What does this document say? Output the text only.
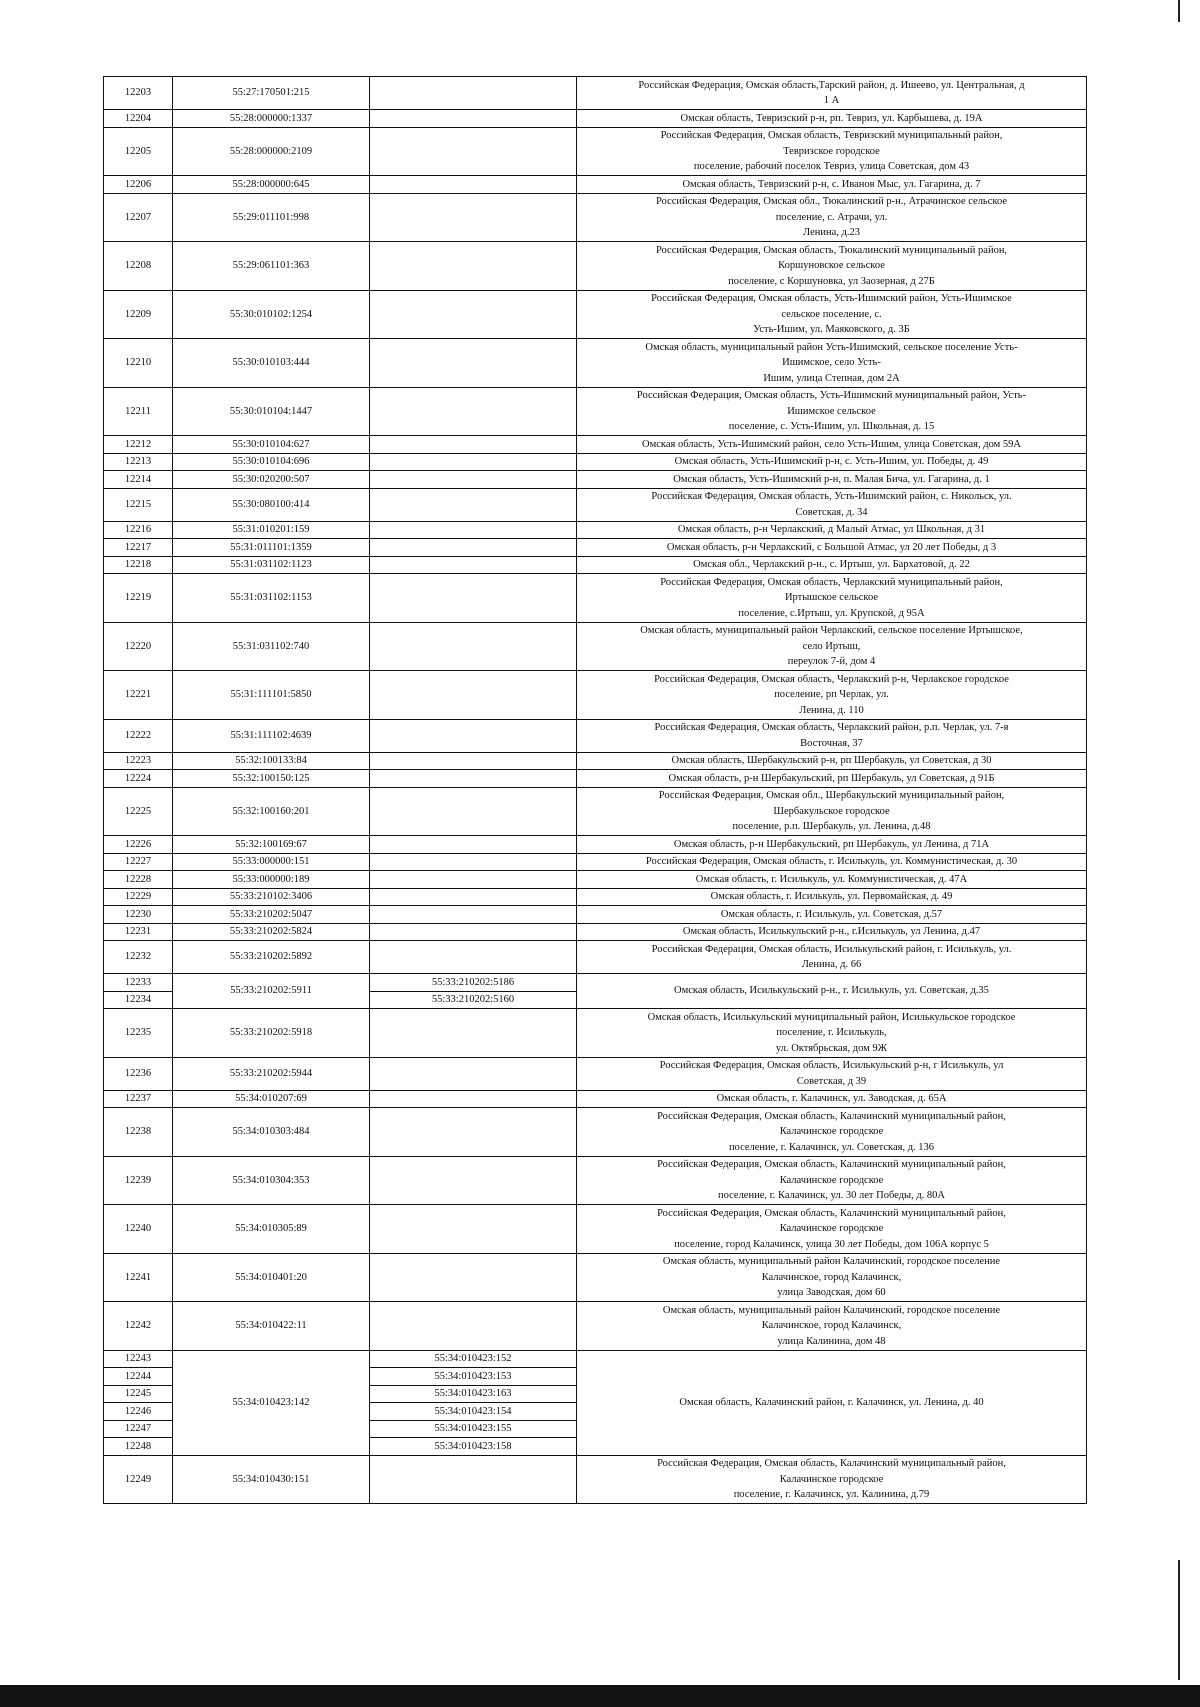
12203	55:27:170501:215		Российская Федерация, Омская область,Тарский район, д. Ишеево, ул. Центральная, д
1 А

12204	55:28:000000:1337		Омская область, Тевризский р-н, рп. Тевриз, ул. Карбышева, д. 19А

12205	55:28:000000:2109		Российская Федерация, Омская область, Тевризский муниципальный район,
Тевризское городское
поселение, рабочий поселок Тевриз, улица Советская, дом 43

12206	55:28:000000:645		Омская область, Тевризский р-н, с. Иванов Мыс, ул. Гагарина, д. 7

12207	55:29:011101:998		Российская Федерация, Омская обл., Тюкалинский р-н., Атрачинское сельское
поселение, с. Атрачи, ул.
Ленина, д.23

12208	55:29:061101:363		Российская Федерация, Омская область, Тюкалинский муниципальный район,
Коршуновское сельское
поселение, с Коршуновка, ул Заозерная, д 27Б

12209	55:30:010102:1254		Российская Федерация, Омская область, Усть-Ишимский район, Усть-Ишимское
сельское поселение, с.
Усть-Ишим, ул. Маяковского, д. 3Б

12210	55:30:010103:444		Омская область, муниципальный район Усть-Ишимский, сельское поселение Усть-
Ишимское, село Усть-
Ишим, улица Степная, дом 2А

12211	55:30:010104:1447		Российская Федерация, Омская область, Усть-Ишимский муниципальный район, Усть-
Ишимское сельское
поселение, с. Усть-Ишим, ул. Школьная, д. 15

12212	55:30:010104:627		Омская область, Усть-Ишимский район, село Усть-Ишим, улица Советская, дом 59А

12213	55:30:010104:696		Омская область, Усть-Ишимский р-н, с. Усть-Ишим, ул. Победы, д. 49

12214	55:30:020200:507		Омская область, Усть-Ишимский р-н, п. Малая Бича, ул. Гагарина, д. 1

12215	55:30:080100:414		Российская Федерация, Омская область, Усть-Ишимский район, с. Никольск, ул.
Советская, д. 34

12216	55:31:010201:159		Омская область, р-н Черлакский, д Малый Атмас, ул Школьная, д 31

12217	55:31:011101:1359		Омская область, р-н Черлакский, с Большой Атмас, ул 20 лет Победы, д 3

12218	55:31:031102:1123		Омская обл., Черлакский р-н., с. Иртыш, ул. Бархатовой, д. 22

12219	55:31:031102:1153		Российская Федерация, Омская область, Черлакский муниципальный район,
Иртышское сельское
поселение, с.Иртыш, ул. Крупской, д 95А

12220	55:31:031102:740		Омская область, муниципальный район Черлакский, сельское поселение Иртышское,
село Иртыш,
переулок 7-й, дом 4

12221	55:31:111101:5850		Российская Федерация, Омская область, Черлакский р-н, Черлакское городское
поселение, рп Черлак, ул.
Ленина, д. 110

12222	55:31:111102:4639		Российская Федерация, Омская область, Черлакский район, р.п. Черлак, ул. 7-я
Восточная, 37

12223	55:32:100133:84		Омская область, Шербакульский р-н, рп Шербакуль, ул Советская, д 30

12224	55:32:100150:125		Омская область, р-н Шербакульский, рп Шербакуль, ул Советская, д 91Б

12225	55:32:100160:201		Российская Федерация, Омская обл., Шербакульский муниципальный район,
Шербакульское городское
поселение, р.п. Шербакуль, ул. Ленина, д.48

12226	55:32:100169:67		Омская область, р-н Шербакульский, рп Шербакуль, ул Ленина, д 71А

12227	55:33:000000:151		Российская Федерация, Омская область, г. Исилькуль, ул. Коммунистическая, д. 30

12228	55:33:000000:189		Омская область, г. Исилькуль, ул. Коммунистическая, д. 47А

12229	55:33:210102:3406		Омская область, г. Исилькуль, ул. Первомайская, д. 49

12230	55:33:210202:5047		Омская область, г. Исилькуль, ул. Советская, д.57

12231	55:33:210202:5824		Омская область, Исилькульский р-н., г.Исилькуль, ул Ленина, д.47

12232	55:33:210202:5892		Российская Федерация, Омская область, Исилькульский район, г. Исилькуль, ул.
Ленина, д. 66

12233	55:33:210202:5911	55:33:210202:5186	Омская область, Исилькульский р-н., г. Исилькуль, ул. Советская, д.35
12234		55:33:210202:5160	
12235	55:33:210202:5918		Омская область, Исилькульский муниципальный район, Исилькульское городское
поселение, г. Исилькуль,
ул. Октябрьская, дом 9Ж

12236	55:33:210202:5944		Российская Федерация, Омская область, Исилькульский р-н, г Исилькуль, ул
Советская, д 39

12237	55:34:010207:69		Омская область, г. Калачинск, ул. Заводская, д. 65А

12238	55:34:010303:484		Российская Федерация, Омская область, Калачинский муниципальный район,
Калачинское городское
поселение, г. Калачинск, ул. Советская, д. 136

12239	55:34:010304:353		Российская Федерация, Омская область, Калачинский муниципальный район,
Калачинское городское
поселение, г. Калачинск, ул. 30 лет Победы, д. 80А

12240	55:34:010305:89		Российская Федерация, Омская область, Калачинский муниципальный район,
Калачинское городское
поселение, город Калачинск, улица 30 лет Победы, дом 106А корпус 5

12241	55:34:010401:20		Омская область, муниципальный район Калачинский, городское поселение
Калачинское, город Калачинск,
улица Заводская, дом 60

12242	55:34:010422:11		Омская область, муниципальный район Калачинский, городское поселение
Калачинское, город Калачинск,
улица Калинина, дом 48

12243	55:34:010423:142	55:34:010423:152	Омская область, Калачинский район, г. Калачинск, ул. Ленина, д. 40
12244		55:34:010423:153	
12245		55:34:010423:163	
12246		55:34:010423:154	
12247		55:34:010423:155	
12248		55:34:010423:158	
12249	55:34:010430:151		Российская Федерация, Омская область, Калачинский муниципальный район,
Калачинское городское
поселение, г. Калачинск, ул. Калинина, д.79
